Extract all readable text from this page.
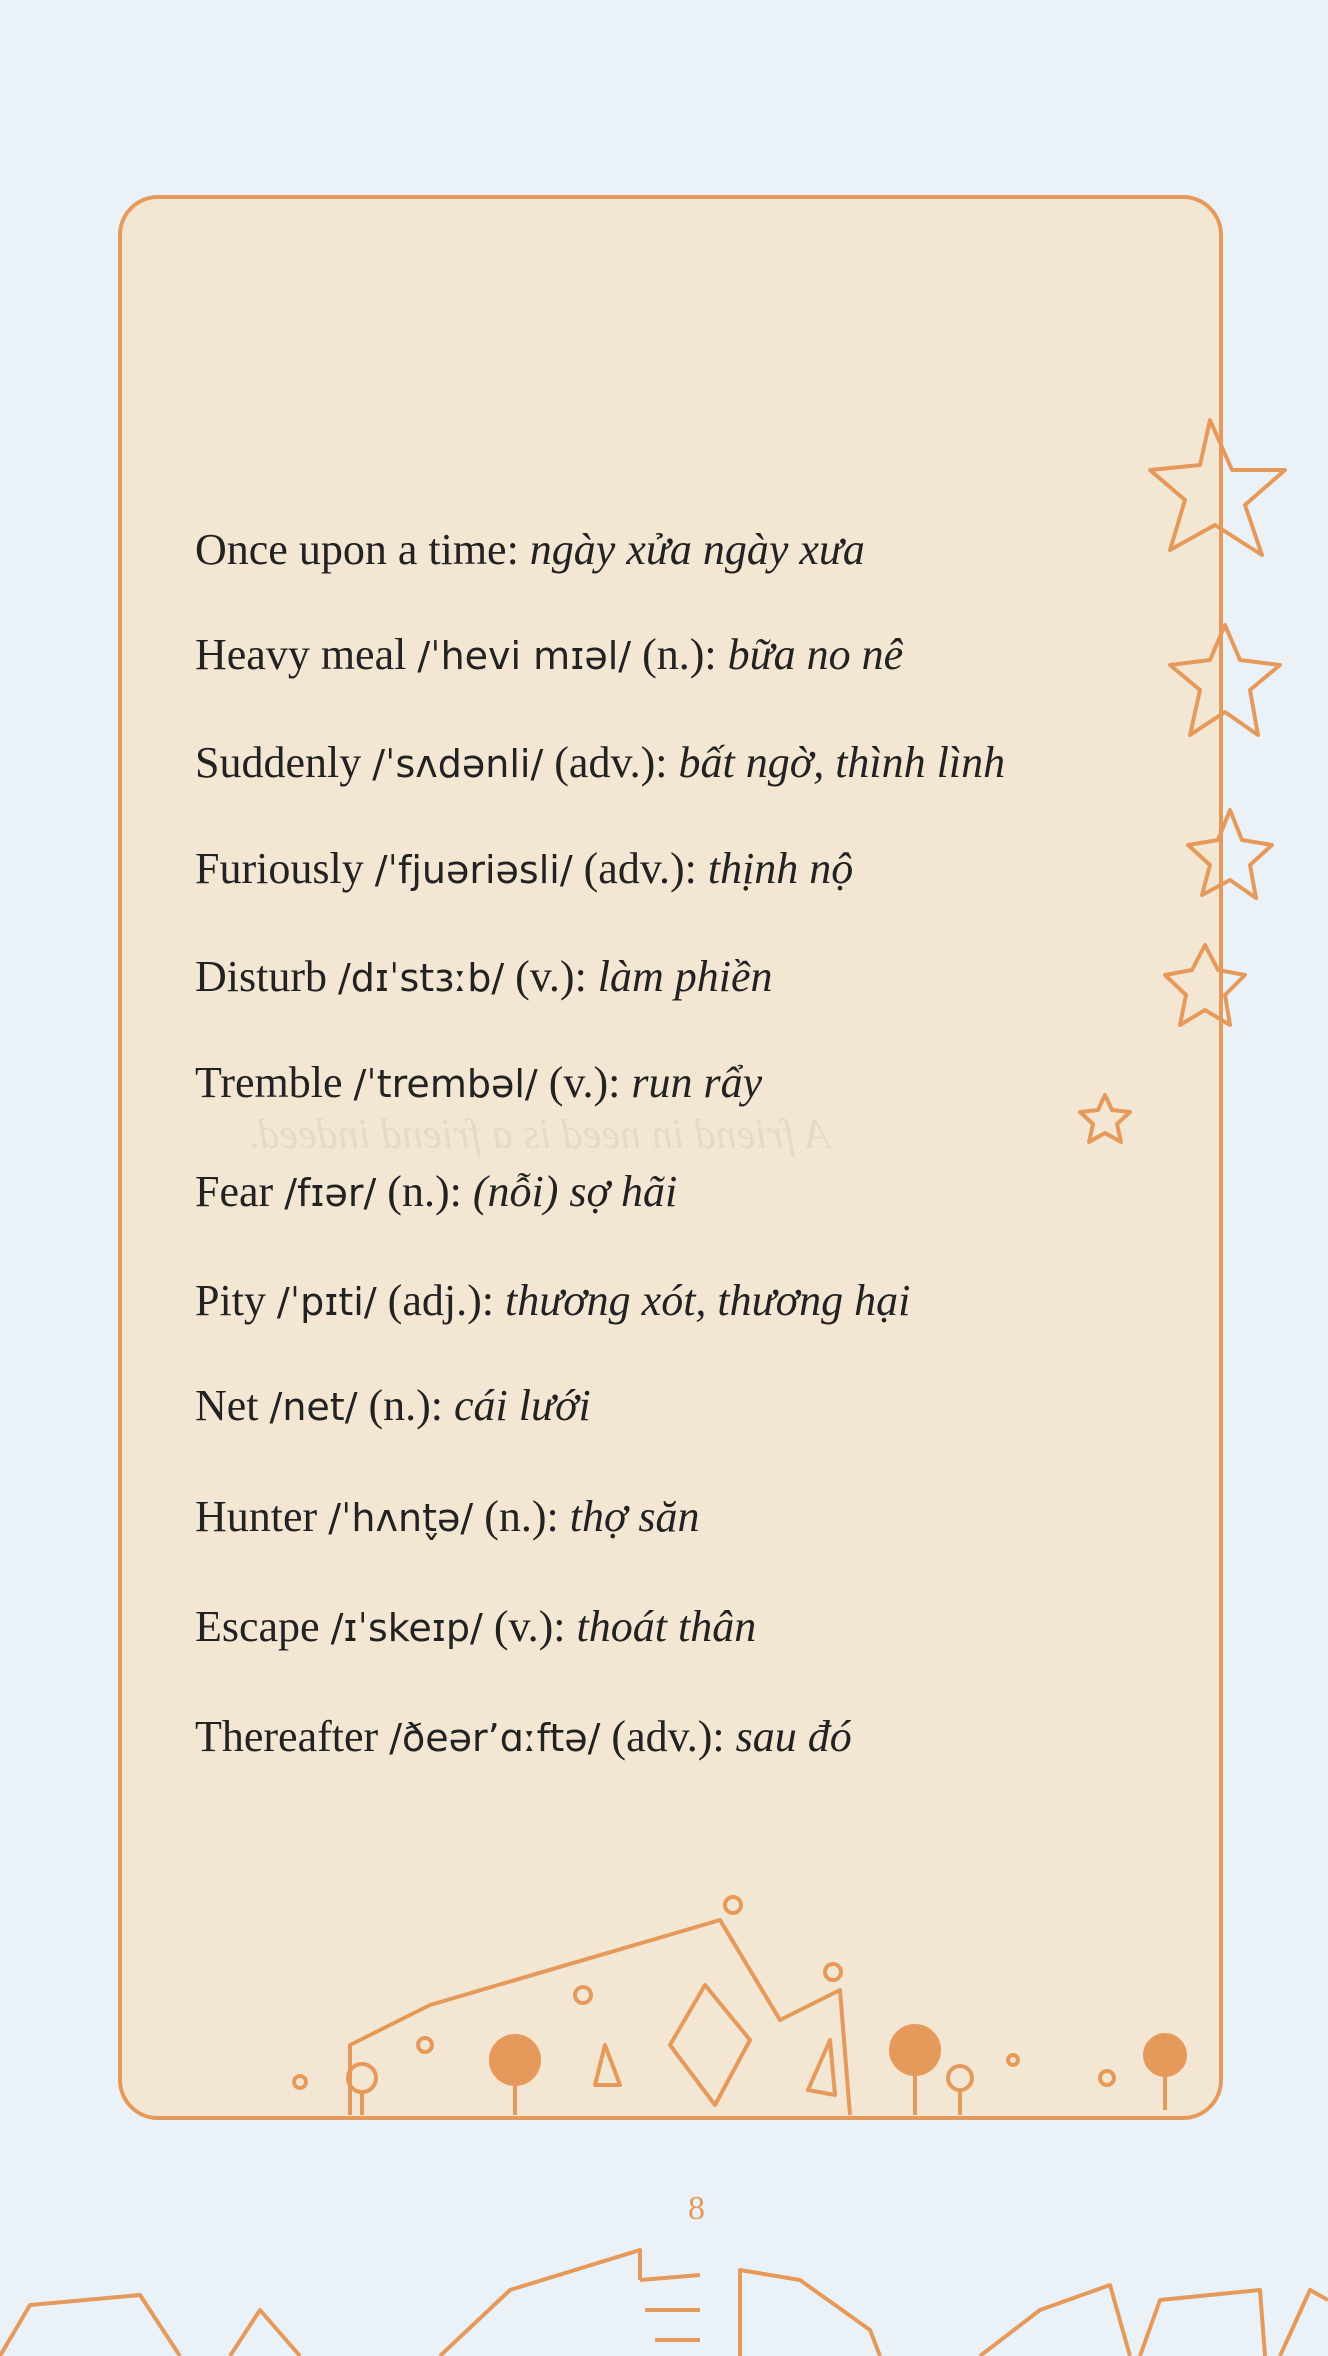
A friend in need is a friend indeed.
Once upon a time: ngày xửa ngày xưa
Heavy meal /ˈhevi mɪəl/ (n.): bữa no nê
Suddenly /ˈsʌdənli/ (adv.): bất ngờ, thình lình
Furiously /ˈfjuəriəsli/ (adv.): thịnh nộ
Disturb /dɪˈstɜːb/ (v.): làm phiền
Tremble /ˈtrembəl/ (v.): run rẩy
Fear /fɪər/ (n.): (nỗi) sợ hãi
Pity /ˈpɪti/ (adj.): thương xót, thương hại
Net /net/ (n.): cái lưới
Hunter /ˈhʌnt̬ə/ (n.): thợ săn
Escape /ɪˈskeɪp/ (v.): thoát thân
Thereafter /ðeər’ɑːftə/ (adv.): sau đó
8
